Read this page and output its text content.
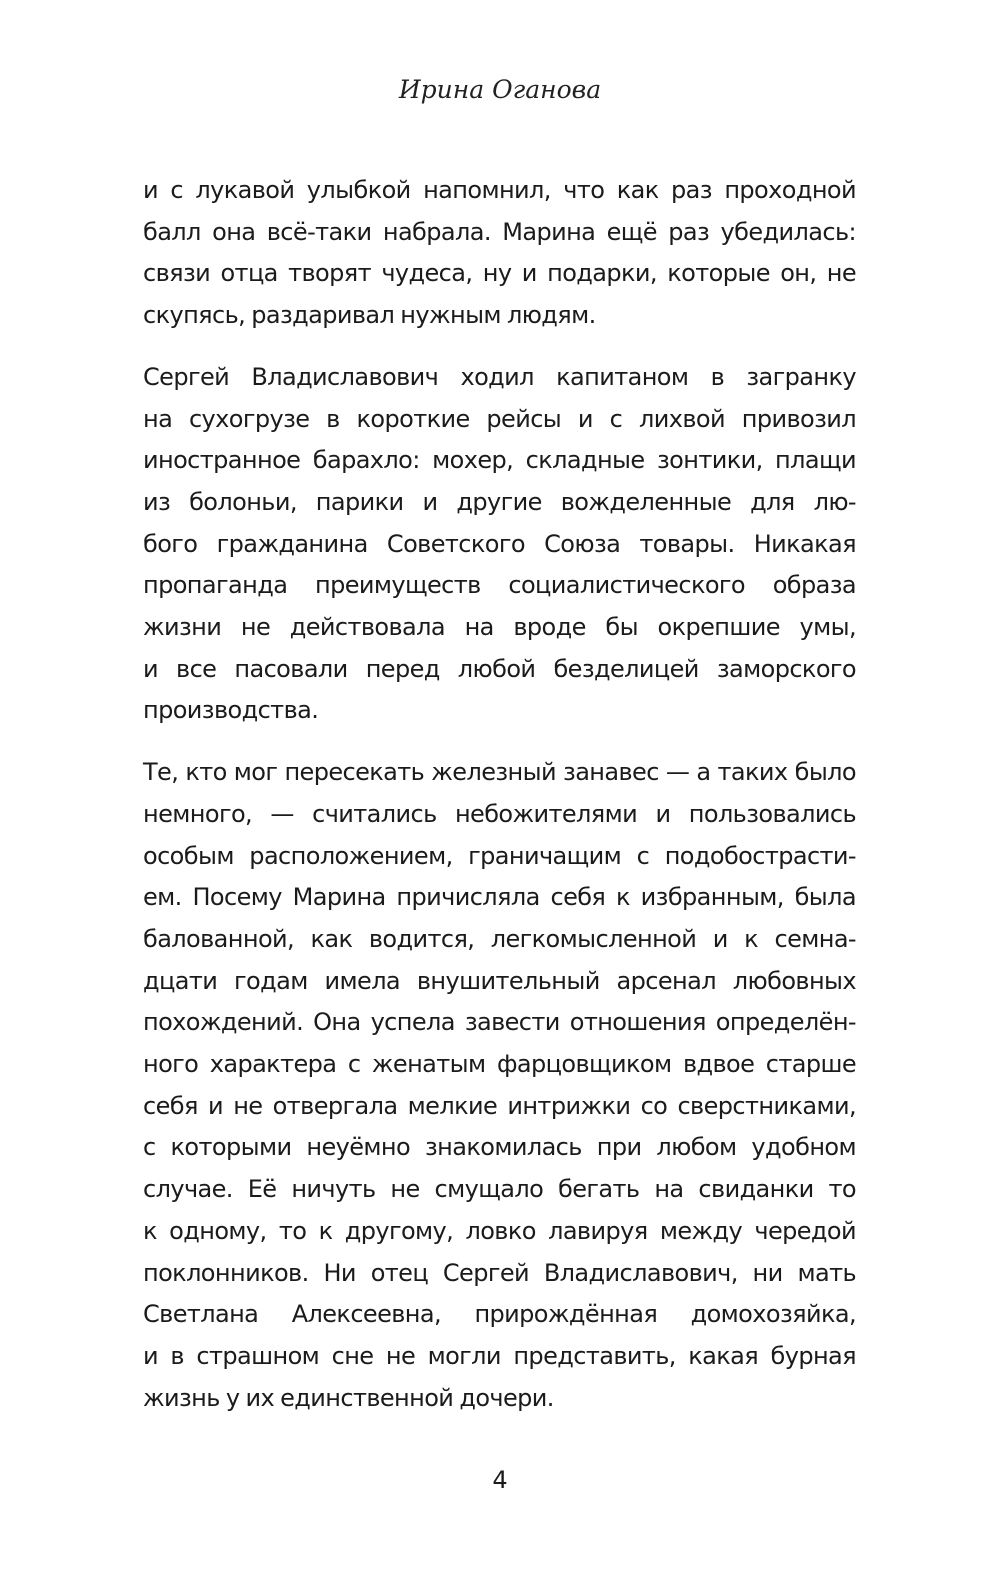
Ирина Оганова

и с лукавой улыбкой напомнил, что как раз проходной
балл она всё-таки набрала. Марина ещё раз убедилась:
связи отца творят чудеса, ну и подарки, которые он, не
скупясь, раздаривал нужным людям.

Сергей Владиславович ходил капитаном в загранку
на сухогрузе в короткие рейсы и с лихвой привозил
иностранное барахло: мохер, складные зонтики, плащи
из болоньи, парики и другие вожделенные для лю-
бого гражданина Советского Союза товары. Никакая
пропаганда преимуществ социалистического образа
жизни не действовала на вроде бы окрепшие умы,
и все пасовали перед любой безделицей заморского
производства.

Те, кто мог пересекать железный занавес — а таких было
немного, — считались небожителями и пользовались
особым расположением, граничащим с подобострасти-
ем. Посему Марина причисляла себя к избранным, была
балованной, как водится, легкомысленной и к семна-
дцати годам имела внушительный арсенал любовных
похождений. Она успела завести отношения определён-
ного характера с женатым фарцовщиком вдвое старше
себя и не отвергала мелкие интрижки со сверстниками,
с которыми неуёмно знакомилась при любом удобном
случае. Её ничуть не смущало бегать на свиданки то
к одному, то к другому, ловко лавируя между чередой
поклонников. Ни отец Сергей Владиславович, ни мать
Светлана Алексеевна, прирождённая домохозяйка,
и в страшном сне не могли представить, какая бурная
жизнь у их единственной дочери.

4
